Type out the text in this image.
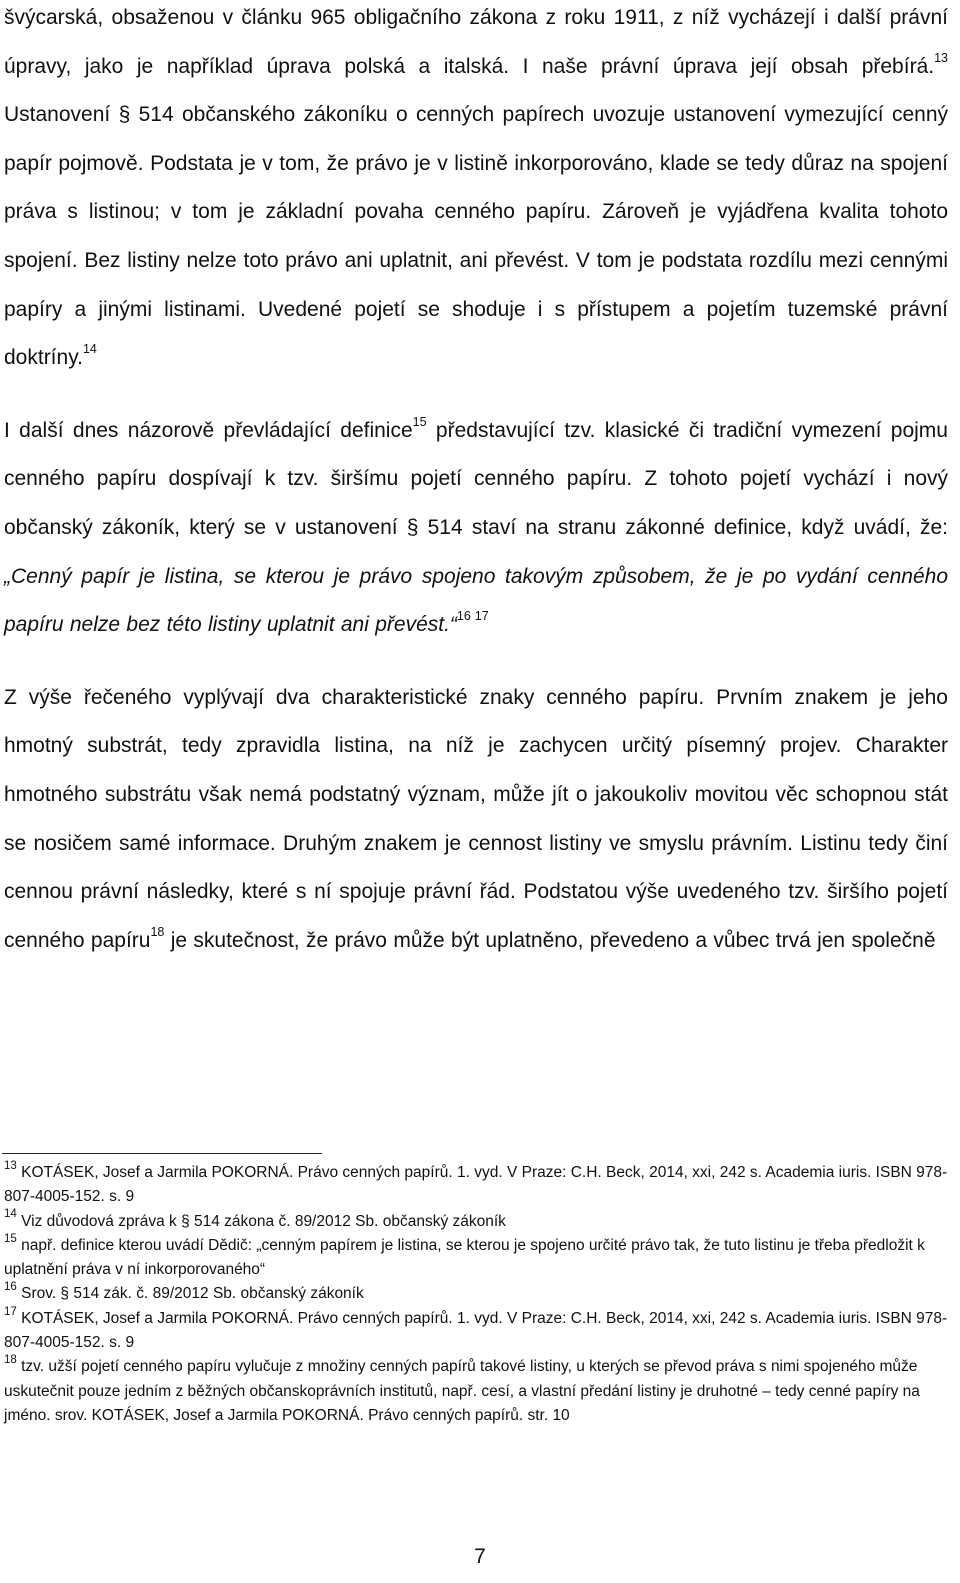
švýcarská, obsaženou v článku 965 obligačního zákona z roku 1911, z níž vycházejí i další právní úpravy, jako je například úprava polská a italská. I naše právní úprava její obsah přebírá.$^{13}$ Ustanovení § 514 občanského zákoníku o cenných papírech uvozuje ustanovení vymezující cenný papír pojmově. Podstata je v tom, že právo je v listině inkorporováno, klade se tedy důraz na spojení práva s listinou; v tom je základní povaha cenného papíru. Zároveň je vyjádřena kvalita tohoto spojení. Bez listiny nelze toto právo ani uplatnit, ani převést. V tom je podstata rozdílu mezi cennými papíry a jinými listinami. Uvedené pojetí se shoduje i s přístupem a pojetím tuzemské právní doktríny.$^{14}$

I další dnes názorově převládající definice$^{15}$ představující tzv. klasické či tradiční vymezení pojmu cenného papíru dospívají k tzv. širšímu pojetí cenného papíru. Z tohoto pojetí vychází i nový občanský zákoník, který se v ustanovení § 514 staví na stranu zákonné definice, když uvádí, že: „Cenný papír je listina, se kterou je právo spojeno takovým způsobem, že je po vydání cenného papíru nelze bez této listiny uplatnit ani převést.“$^{16 17}$

Z výše řečeného vyplývají dva charakteristické znaky cenného papíru. Prvním znakem je jeho hmotný substrát, tedy zpravidla listina, na níž je zachycen určitý písemný projev. Charakter hmotného substrátu však nemá podstatný význam, může jít o jakoukoliv movitou věc schopnou stát se nosičem samé informace. Druhým znakem je cennost listiny ve smyslu právním. Listinu tedy činí cennou právní následky, které s ní spojuje právní řád. Podstatou výše uvedeného tzv. širšího pojetí cenného papíru$^{18}$ je skutečnost, že právo může být uplatněno, převedeno a vůbec trvá jen společně

$^{13}$ KOTÁSEK, Josef a Jarmila POKORNÁ. Právo cenných papírů. 1. vyd. V Praze: C.H. Beck, 2014, xxi, 242 s. Academia iuris. ISBN 978-807-4005-152. s. 9
$^{14}$ Viz důvodová zpráva k § 514 zákona č. 89/2012 Sb. občanský zákoník
$^{15}$ např. definice kterou uvádí Dědič: „cenným papírem je listina, se kterou je spojeno určité právo tak, že tuto listinu je třeba předložit k uplatnění práva v ní inkorporovaného“
$^{16}$ Srov. § 514 zák. č. 89/2012 Sb. občanský zákoník
$^{17}$ KOTÁSEK, Josef a Jarmila POKORNÁ. Právo cenných papírů. 1. vyd. V Praze: C.H. Beck, 2014, xxi, 242 s. Academia iuris. ISBN 978-807-4005-152. s. 9
$^{18}$ tzv. užší pojetí cenného papíru vylučuje z množiny cenných papírů takové listiny, u kterých se převod práva s nimi spojeného může uskutečnit pouze jedním z běžných občanskoprávních institutů, např. cesí, a vlastní předání listiny je druhotné – tedy cenné papíry na jméno. srov. KOTÁSEK, Josef a Jarmila POKORNÁ. Právo cenných papírů. str. 10
7
